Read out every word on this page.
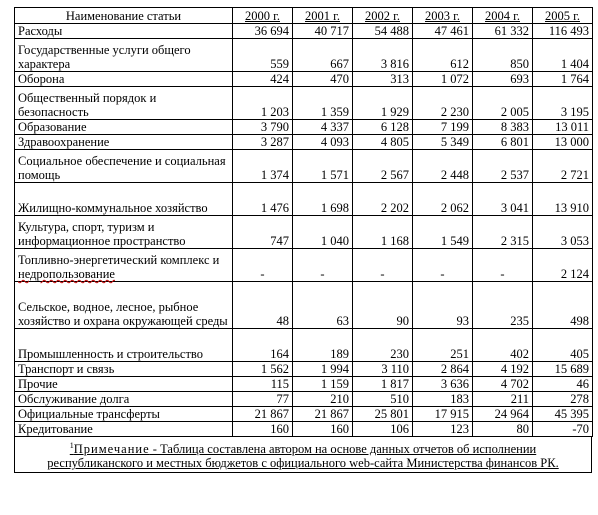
Наименование статьи	2000 г.	2001 г.	2002 г.	2003 г.	2004 г.	2005 г.
Расходы	36 694	40 717	54 488	47 461	61 332	116 493
Государственные услуги общего характера	559	667	3 816	612	850	1 404
Оборона	424	470	313	1 072	693	1 764
Общественный порядок и безопасность	1 203	1 359	1 929	2 230	2 005	3 195
Образование	3 790	4 337	6 128	7 199	8 383	13 011
Здравоохранение	3 287	4 093	4 805	5 349	6 801	13 000
Социальное обеспечение и социальная помощь	1 374	1 571	2 567	2 448	2 537	2 721
Жилищно-коммунальное хозяйство	1 476	1 698	2 202	2 062	3 041	13 910
Культура, спорт, туризм и информационное пространство	747	1 040	1 168	1 549	2 315	3 053
Топливно-энергетический комплекс и недропользование	-	-	-	-	-	2 124
Сельское, водное, лесное, рыбное хозяйство и охрана окружающей среды	48	63	90	93	235	498
Промышленность и строительство	164	189	230	251	402	405
Транспорт и связь	1 562	1 994	3 110	2 864	4 192	15 689
Прочие	115	1 159	1 817	3 636	4 702	46
Обслуживание долга	77	210	510	183	211	278
Официальные трансферты	21 867	21 867	25 801	17 915	24 964	45 395
Кредитование	160	160	106	123	80	-70
$^1$Примечание - Таблица составлена автором на основе данных отчетов об исполнении
республиканского и местных бюджетов с официального web-сайта Министерства финансов РК.
